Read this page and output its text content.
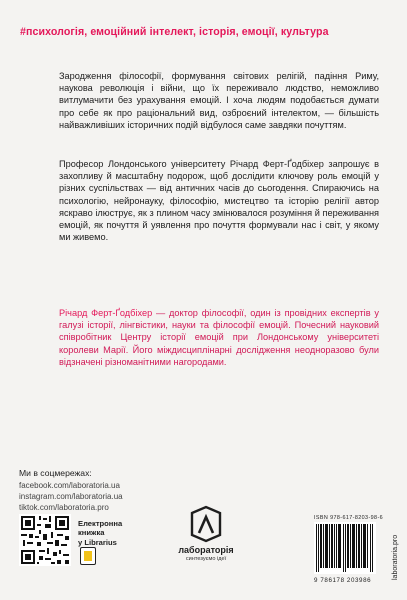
#психологія, емоційний інтелект, історія, емоції, культура

Зародження філософії, формування світових релігій, падіння Риму, наукова революція і війни, що їх переживало людство, неможливо витлумачити без урахування емоцій. І хоча людям подобається думати про себе як про раціональний вид, озброєний інтелектом, — більшість найважливіших історичних подій відбулося саме завдяки почуттям.

Професор Лондонського університету Річард Ферт-Ґодбіхер запрошує в захопливу й масштабну подорож, щоб дослідити ключову роль емоцій у різних суспільствах — від античних часів до сьогодення. Спираючись на психологію, нейронауку, філософію, мистецтво та історію релігії автор яскраво ілюструє, як з плином часу змінювалося розуміння й переживання емоцій, як почуття й уявлення про почуття формували нас і світ, у якому ми живемо.

Річард Ферт-Ґодбіхер — доктор філософії, один із провідних експертів у галузі історії, лінгвістики, науки та філософії емоцій. Почесний науковий співробітник Центру історії емоцій при Лондонському університеті королеви Марії. Його міждисциплінарні дослідження неодноразово були відзначені різноманітними нагородами.

Ми в соцмережах:
facebook.com/laboratoria.ua
instagram.com/laboratoria.ua
tiktok.com/laboratoria.pro
Електронна
книжка
у Librarius
лабораторія
синтезуємо ідеї
ISBN 978-617-8203-98-6
9 786178 203986
laboratoria.pro
